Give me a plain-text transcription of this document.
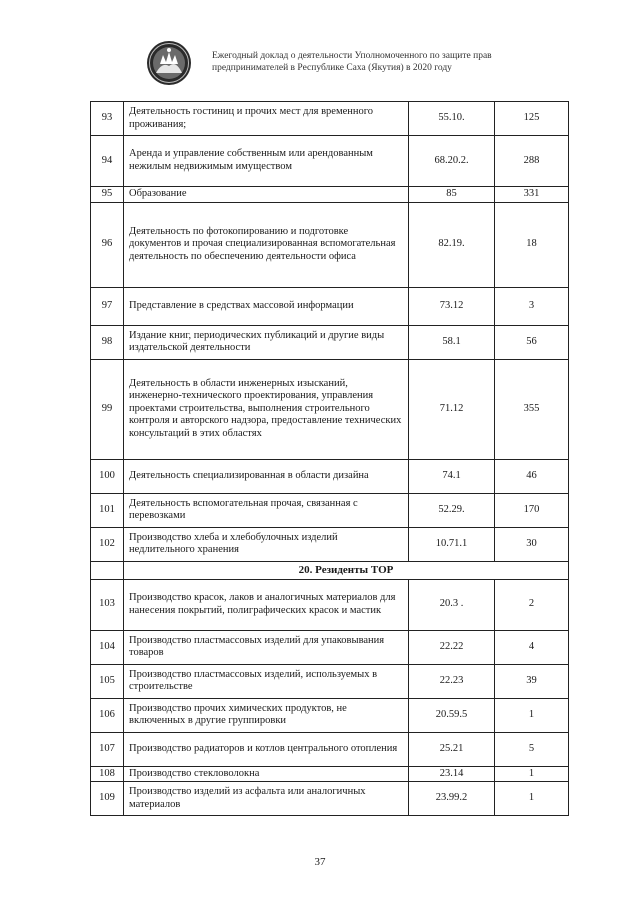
Ежегодный доклад о деятельности Уполномоченного по защите прав
предпринимателей в Республике Саха (Якутия) в 2020 году
93	Деятельность гостиниц и прочих мест для временного проживания;	55.10.	125
94	Аренда и управление собственным или арендованным нежилым недвижимым имуществом	68.20.2.	288
95	Образование	85	331
96	Деятельность по фотокопированию и подготовке документов и прочая специализированная вспомогательная деятельность по обеспечению деятельности офиса	82.19.	18
97	Представление в средствах массовой информации	73.12	3
98	Издание книг, периодических публикаций и другие виды издательской деятельности	58.1	56
99	Деятельность в области инженерных изысканий, инженерно-технического проектирования, управления проектами строительства, выполнения строительного контроля и авторского надзора, предоставление технических консультаций в этих областях	71.12	355
100	Деятельность специализированная в области дизайна	74.1	46
101	Деятельность вспомогательная прочая, связанная с перевозками	52.29.	170
102	Производство хлеба и хлебобулочных изделий недлительного хранения	10.71.1	30
	20. Резиденты ТОР		
103	Производство красок, лаков и аналогичных материалов для нанесения покрытий, полиграфических красок и мастик	20.3 .	2
104	Производство пластмассовых изделий для упаковывания товаров	22.22	4
105	Производство пластмассовых изделий, используемых в строительстве	22.23	39
106	Производство прочих химических продуктов, не включенных в другие группировки	20.59.5	1
107	Производство радиаторов и котлов центрального отопления	25.21	5
108	Производство стекловолокна	23.14	1
109	Производство изделий из асфальта или аналогичных материалов	23.99.2	1
37
